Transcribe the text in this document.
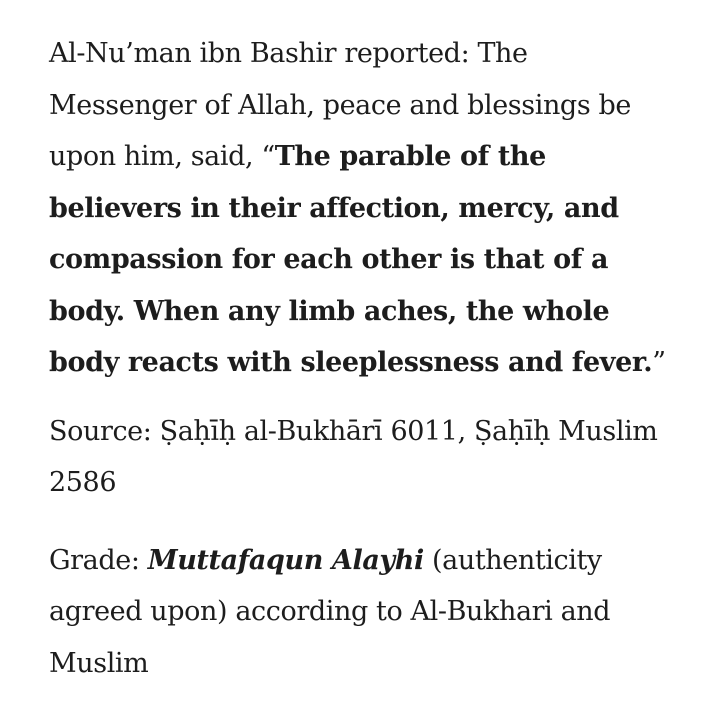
Al-Nu’man ibn Bashir reported: The Messenger of Allah, peace and blessings be upon him, said, “The parable of the believers in their affection, mercy, and compassion for each other is that of a body. When any limb aches, the whole body reacts with sleeplessness and fever.”

Source: Ṣaḥīḥ al-Bukhārī 6011, Ṣaḥīḥ Muslim 2586

Grade: Muttafaqun Alayhi (authenticity agreed upon) according to Al-Bukhari and Muslim
